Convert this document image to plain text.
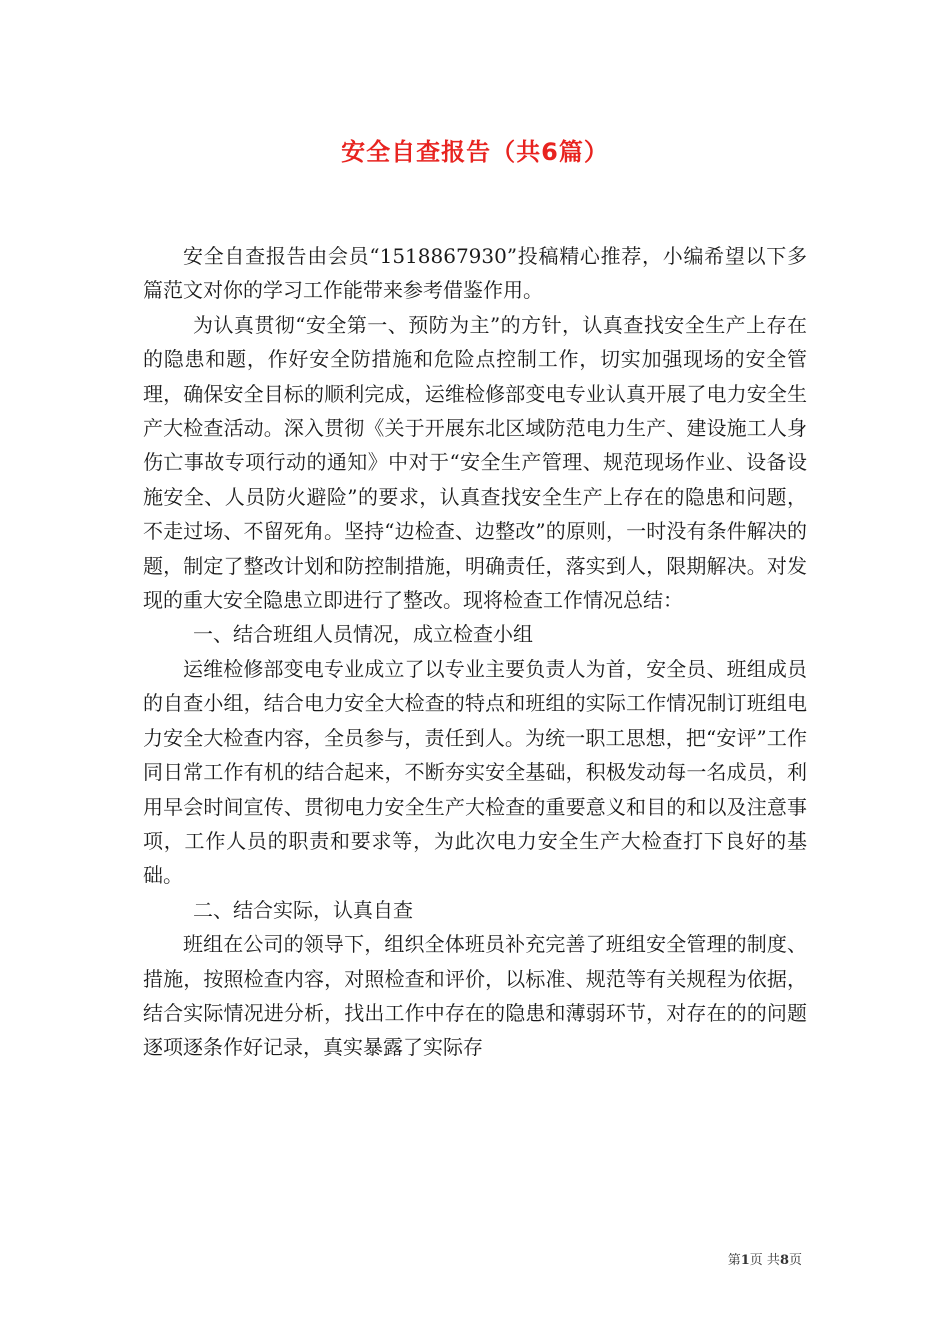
安全自查报告（共6篇）

安全自查报告由会员“1518867930”投稿精心推荐，小编希望以下多篇范文对你的学习工作能带来参考借鉴作用。

为认真贯彻“安全第一、预防为主”的方针，认真查找安全生产上存在的隐患和题，作好安全防措施和危险点控制工作，切实加强现场的安全管理，确保安全目标的顺利完成，运维检修部变电专业认真开展了电力安全生产大检查活动。深入贯彻《关于开展东北区域防范电力生产、建设施工人身伤亡事故专项行动的通知》中对于“安全生产管理、规范现场作业、设备设施安全、人员防火避险”的要求，认真查找安全生产上存在的隐患和问题，不走过场、不留死角。坚持“边检查、边整改”的原则，一时没有条件解决的题，制定了整改计划和防控制措施，明确责任，落实到人，限期解决。对发现的重大安全隐患立即进行了整改。现将检查工作情况总结：

一、结合班组人员情况，成立检查小组

运维检修部变电专业成立了以专业主要负责人为首，安全员、班组成员的自查小组，结合电力安全大检查的特点和班组的实际工作情况制订班组电力安全大检查内容，全员参与，责任到人。为统一职工思想，把“安评”工作同日常工作有机的结合起来，不断夯实安全基础，积极发动每一名成员，利用早会时间宣传、贯彻电力安全生产大检查的重要意义和目的和以及注意事项，工作人员的职责和要求等，为此次电力安全生产大检查打下良好的基础。

二、结合实际，认真自查

班组在公司的领导下，组织全体班员补充完善了班组安全管理的制度、措施，按照检查内容，对照检查和评价，以标准、规范等有关规程为依据，结合实际情况进分析，找出工作中存在的隐患和薄弱环节，对存在的的问题逐项逐条作好记录，真实暴露了实际存

第1页 共8页
